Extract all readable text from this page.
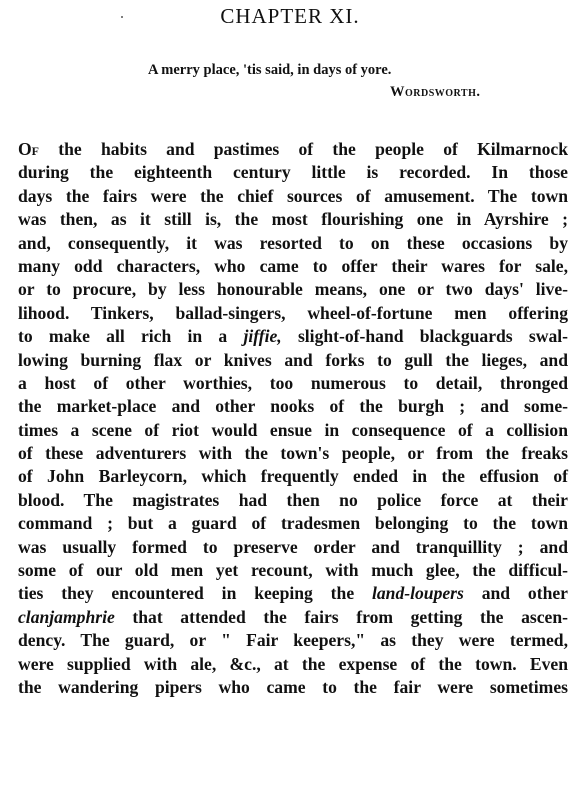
CHAPTER XI.
A merry place, 'tis said, in days of yore.
Wordsworth.
Of the habits and pastimes of the people of Kilmarnock
during the eighteenth century little is recorded. In those
days the fairs were the chief sources of amusement. The town
was then, as it still is, the most flourishing one in Ayrshire ;
and, consequently, it was resorted to on these occasions by
many odd characters, who came to offer their wares for sale,
or to procure, by less honourable means, one or two days' live-
lihood. Tinkers, ballad-singers, wheel-of-fortune men offering
to make all rich in a jiffie, slight-of-hand blackguards swal-
lowing burning flax or knives and forks to gull the lieges, and
a host of other worthies, too numerous to detail, thronged
the market-place and other nooks of the burgh ; and some-
times a scene of riot would ensue in consequence of a collision
of these adventurers with the town's people, or from the freaks
of John Barleycorn, which frequently ended in the effusion of
blood. The magistrates had then no police force at their
command ; but a guard of tradesmen belonging to the town
was usually formed to preserve order and tranquillity ; and
some of our old men yet recount, with much glee, the difficul-
ties they encountered in keeping the land-loupers and other
clanjamphrie that attended the fairs from getting the ascen-
dency. The guard, or " Fair keepers," as they were termed,
were supplied with ale, &c., at the expense of the town. Even
the wandering pipers who came to the fair were sometimes
